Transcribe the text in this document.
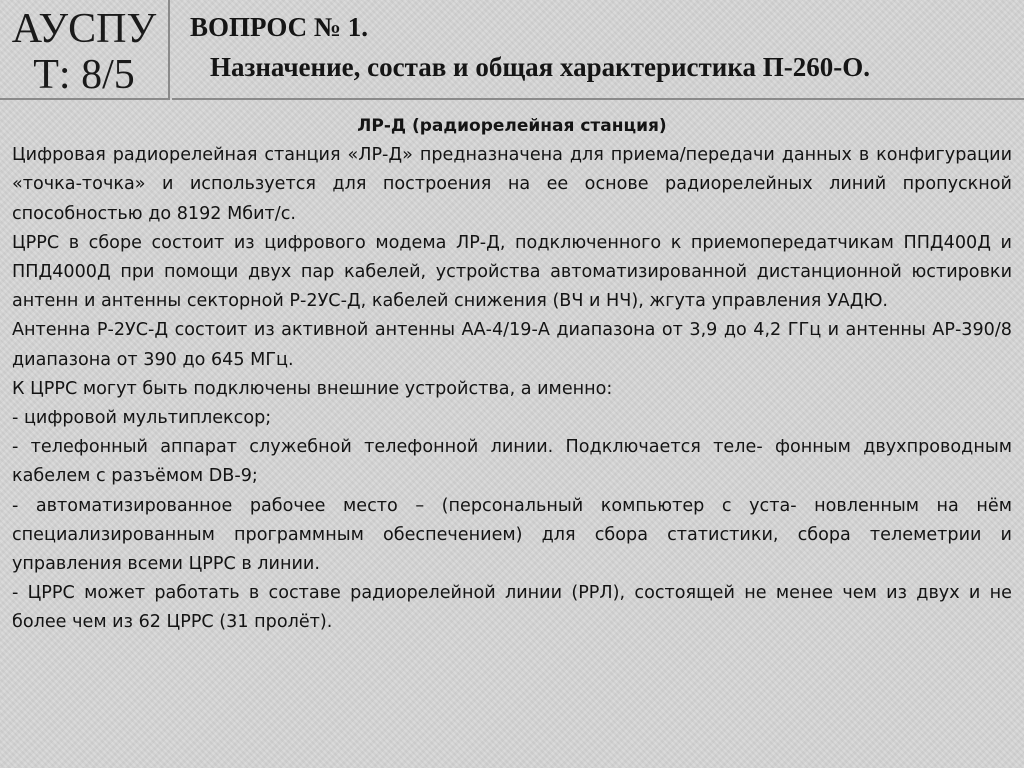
АУСПУ
Т: 8/5
ВОПРОС № 1.
Назначение, состав и общая характеристика П-260-О.

ЛР-Д (радиорелейная станция)

Цифровая радиорелейная станция «ЛР-Д» предназначена для приема/передачи данных в конфигурации «точка-точка» и используется для построения на ее основе радиорелейных линий пропускной способностью до 8192 Мбит/с.

ЦРРС в сборе состоит из цифрового модема ЛР-Д, подключенного к приемопередатчикам ППД400Д и ППД4000Д при помощи двух пар кабелей, устройства автоматизированной дистанционной юстировки антенн и антенны секторной Р-2УС-Д, кабелей снижения (ВЧ и НЧ), жгута управления УАДЮ.

Антенна Р-2УС-Д состоит из активной антенны АА-4/19-А диапазона от 3,9 до 4,2 ГГц и антенны АР-390/8 диапазона от 390 до 645 МГц.

К ЦРРС могут быть подключены внешние устройства, а именно:

- цифровой мультиплексор;

- телефонный аппарат служебной телефонной линии. Подключается теле- фонным двухпроводным кабелем с разъёмом DB-9;

- автоматизированное рабочее место – (персональный компьютер с уста- новленным на нём специализированным программным обеспечением) для сбора статистики, сбора телеметрии и управления всеми ЦРРС в линии.

- ЦРРС может работать в составе радиорелейной линии (РРЛ), состоящей не менее чем из двух и не более чем из 62 ЦРРС (31 пролёт).
